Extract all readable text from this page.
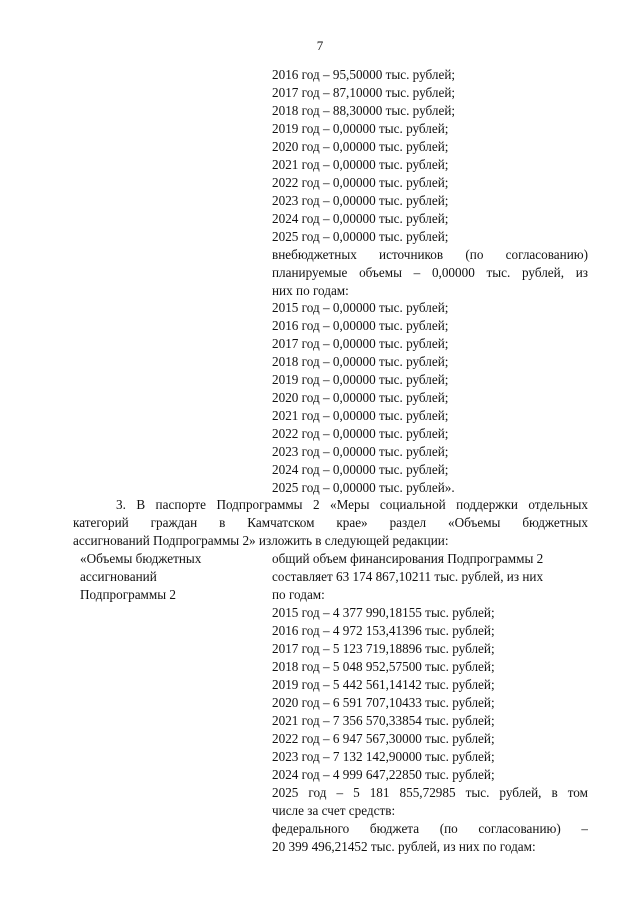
7
2016 год – 95,50000 тыс. рублей;
2017 год – 87,10000 тыс. рублей;
2018 год – 88,30000 тыс. рублей;
2019 год – 0,00000 тыс. рублей;
2020 год – 0,00000 тыс. рублей;
2021 год – 0,00000 тыс. рублей;
2022 год – 0,00000 тыс. рублей;
2023 год – 0,00000 тыс. рублей;
2024 год – 0,00000 тыс. рублей;
2025 год – 0,00000 тыс. рублей;
внебюджетных источников (по согласованию)
планируемые объемы – 0,00000 тыс. рублей, из
них по годам:
2015 год – 0,00000 тыс. рублей;
2016 год – 0,00000 тыс. рублей;
2017 год – 0,00000 тыс. рублей;
2018 год – 0,00000 тыс. рублей;
2019 год – 0,00000 тыс. рублей;
2020 год – 0,00000 тыс. рублей;
2021 год – 0,00000 тыс. рублей;
2022 год – 0,00000 тыс. рублей;
2023 год – 0,00000 тыс. рублей;
2024 год – 0,00000 тыс. рублей;
2025 год – 0,00000 тыс. рублей».
3. В паспорте Подпрограммы 2 «Меры социальной поддержки отдельных
категорий граждан в Камчатском крае» раздел «Объемы бюджетных
ассигнований Подпрограммы 2» изложить в следующей редакции:
«Объемы бюджетных
ассигнований
Подпрограммы 2
общий объем финансирования Подпрограммы 2
составляет 63 174 867,10211 тыс. рублей, из них
по годам:
2015 год – 4 377 990,18155 тыс. рублей;
2016 год – 4 972 153,41396 тыс. рублей;
2017 год – 5 123 719,18896 тыс. рублей;
2018 год – 5 048 952,57500 тыс. рублей;
2019 год – 5 442 561,14142 тыс. рублей;
2020 год – 6 591 707,10433 тыс. рублей;
2021 год – 7 356 570,33854 тыс. рублей;
2022 год – 6 947 567,30000 тыс. рублей;
2023 год – 7 132 142,90000 тыс. рублей;
2024 год – 4 999 647,22850 тыс. рублей;
2025 год – 5 181 855,72985 тыс. рублей, в том
числе за счет средств:
федерального бюджета (по согласованию) –
20 399 496,21452 тыс. рублей, из них по годам:
